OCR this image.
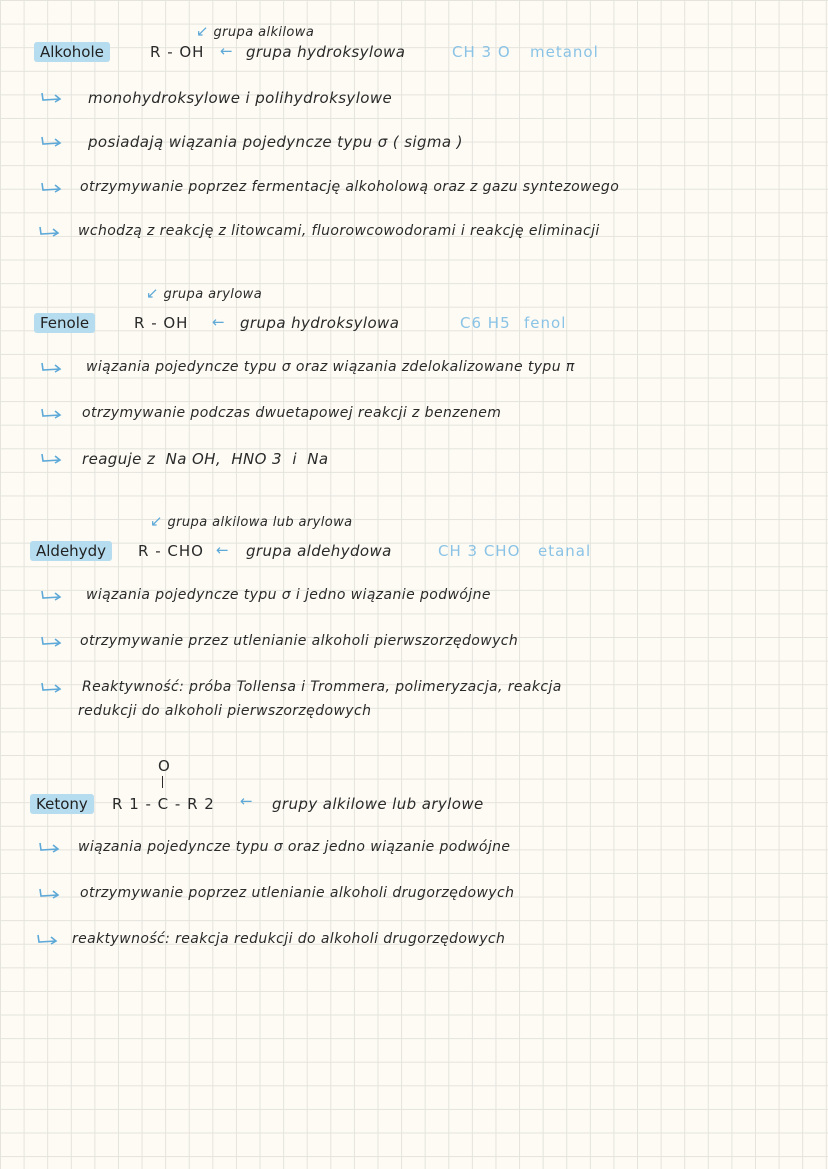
↙ grupa alkilowa
Alkohole	R - OH ← grupa hydroksylowa	CH 3 O metanol
monohydroksylowe i polihydroksylowe
posiadają wiązania pojedyncze typu σ ( sigma )
otrzymywanie poprzez fermentację alkoholową oraz z gazu syntezowego
wchodzą z reakcję z litowcami, fluorowcowodorami i reakcję eliminacji
↙ grupa arylowa
Fenole	R - OH ← grupa hydroksylowa	C6 H5 fenol
wiązania pojedyncze typu σ oraz wiązania zdelokalizowane typu π
otrzymywanie podczas dwuetapowej reakcji z benzenem
reaguje z  Na OH,  HNO 3  i  Na
↙ grupa alkilowa lub arylowa
Aldehydy	R - CHO ← grupa aldehydowa	CH 3 CHO etanal
wiązania pojedyncze typu σ i jedno wiązanie podwójne
otrzymywanie przez utlenianie alkoholi pierwszorzędowych
Reaktywność: próba Tollensa i Trommera, polimeryzacja, reakcja
redukcji do alkoholi pierwszorzędowych
O
Ketony	R 1 - C - R 2 ← grupy alkilowe lub arylowe
wiązania pojedyncze typu σ oraz jedno wiązanie podwójne
otrzymywanie poprzez utlenianie alkoholi drugorzędowych
reaktywność: reakcja redukcji do alkoholi drugorzędowych
